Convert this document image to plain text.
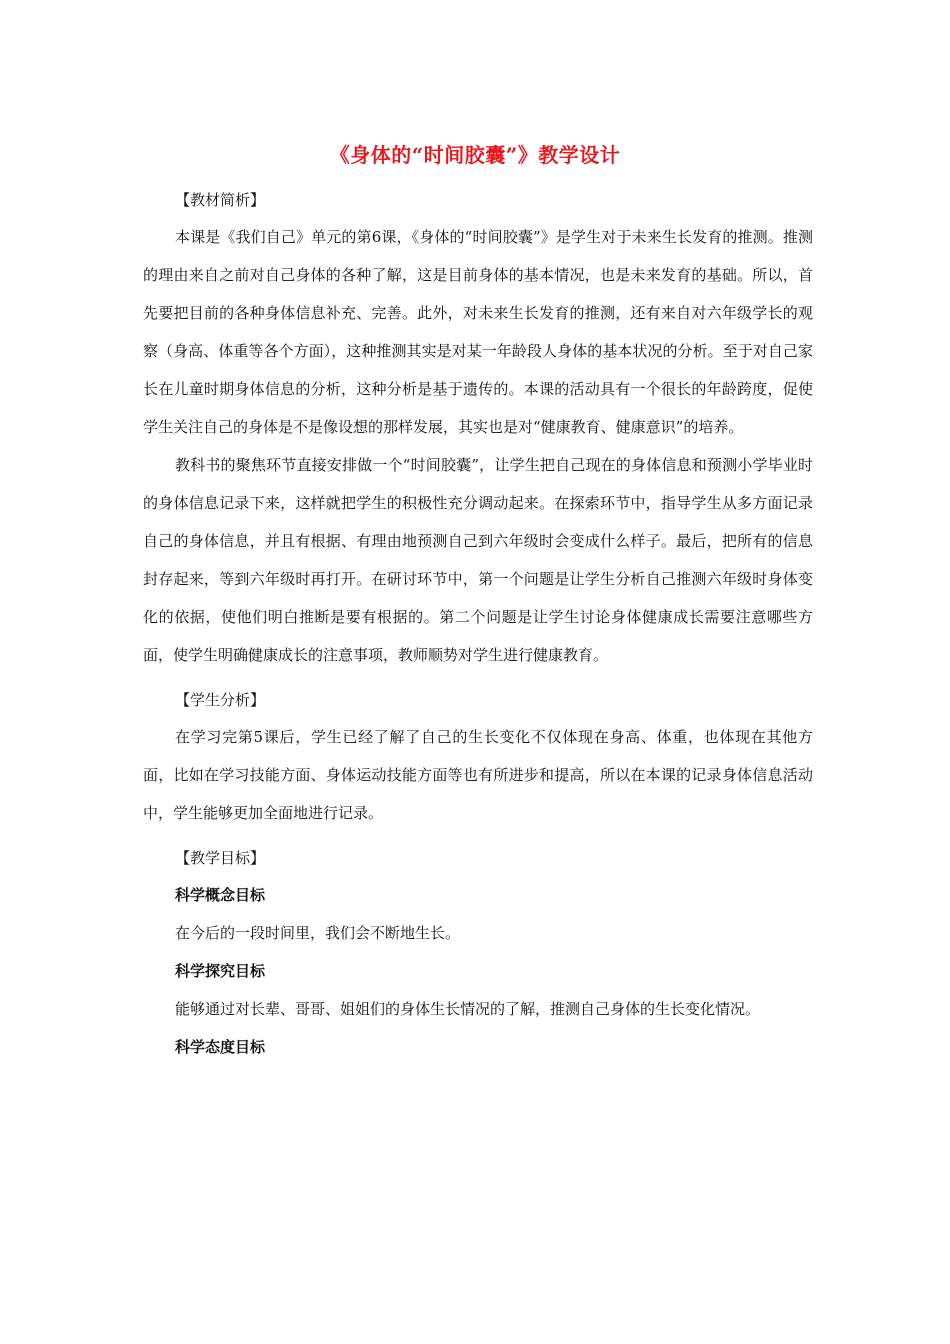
《身体的“时间胶囊”》教学设计
【教材简析】

本课是《我们自己》单元的第6课，《身体的“时间胶囊”》是学生对于未来生长发育的推测。推测的理由来自之前对自己身体的各种了解，这是目前身体的基本情况，也是未来发育的基础。所以，首先要把目前的各种身体信息补充、完善。此外，对未来生长发育的推测，还有来自对六年级学长的观察（身高、体重等各个方面），这种推测其实是对某一年龄段人身体的基本状况的分析。至于对自己家长在儿童时期身体信息的分析，这种分析是基于遗传的。本课的活动具有一个很长的年龄跨度，促使学生关注自己的身体是不是像设想的那样发展，其实也是对“健康教育、健康意识”的培养。

教科书的聚焦环节直接安排做一个“时间胶囊”，让学生把自己现在的身体信息和预测小学毕业时的身体信息记录下来，这样就把学生的积极性充分调动起来。在探索环节中，指导学生从多方面记录自己的身体信息，并且有根据、有理由地预测自己到六年级时会变成什么样子。最后，把所有的信息封存起来，等到六年级时再打开。在研讨环节中，第一个问题是让学生分析自己推测六年级时身体变化的依据，使他们明白推断是要有根据的。第二个问题是让学生讨论身体健康成长需要注意哪些方面，使学生明确健康成长的注意事项，教师顺势对学生进行健康教育。

【学生分析】

在学习完第5课后，学生已经了解了自己的生长变化不仅体现在身高、体重，也体现在其他方面，比如在学习技能方面、身体运动技能方面等也有所进步和提高，所以在本课的记录身体信息活动中，学生能够更加全面地进行记录。

【教学目标】
科学概念目标

在今后的一段时间里，我们会不断地生长。

科学探究目标

能够通过对长辈、哥哥、姐姐们的身体生长情况的了解，推测自己身体的生长变化情况。

科学态度目标
